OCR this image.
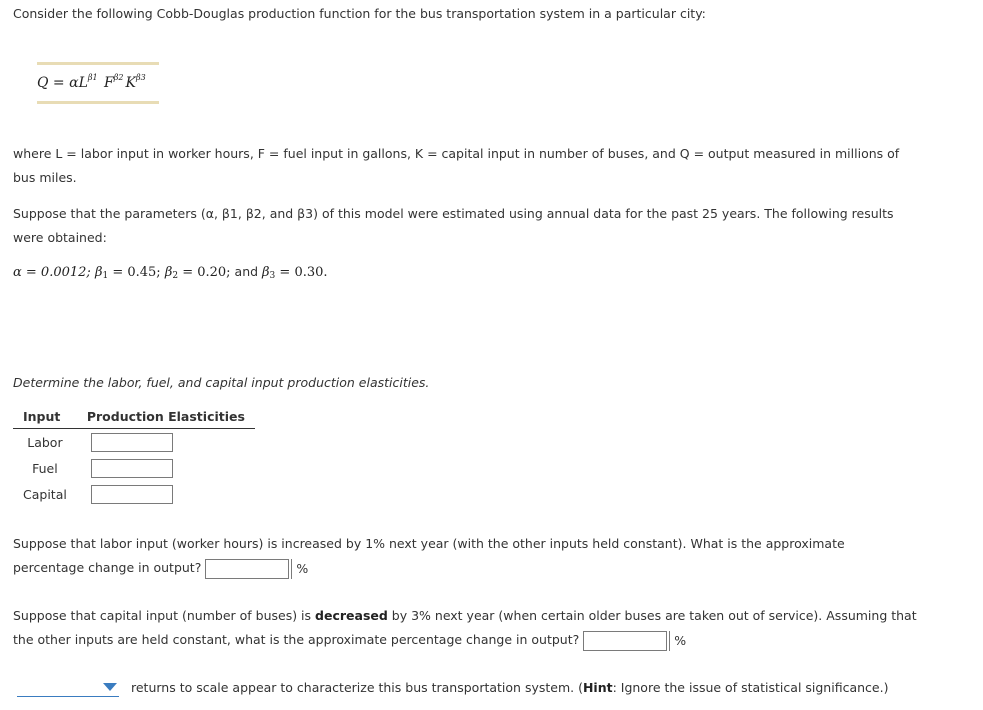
Consider the following Cobb-Douglas production function for the bus transportation system in a particular city:
$Q = \alpha L^{\beta 1}$ $F^{\beta 2}$ $K^{\beta 3}$
where L = labor input in worker hours, F = fuel input in gallons, K = capital input in number of buses, and Q = output measured in millions of bus miles.
Suppose that the parameters (α, β1, β2, and β3) of this model were estimated using annual data for the past 25 years. The following results were obtained:
α = 0.0012; $\beta_1 = 0.45$; $\beta_2 = 0.20$; and $\beta_3 = 0.30$.
Determine the labor, fuel, and capital input production elasticities.
Input	Production Elasticities
Labor	
Fuel	
Capital	
Suppose that labor input (worker hours) is increased by 1% next year (with the other inputs held constant). What is the approximate percentage change in output?	%
Suppose that capital input (number of buses) is decreased by 3% next year (when certain older buses are taken out of service). Assuming that the other inputs are held constant, what is the approximate percentage change in output?	%
returns to scale appear to characterize this bus transportation system. (Hint: Ignore the issue of statistical significance.)
